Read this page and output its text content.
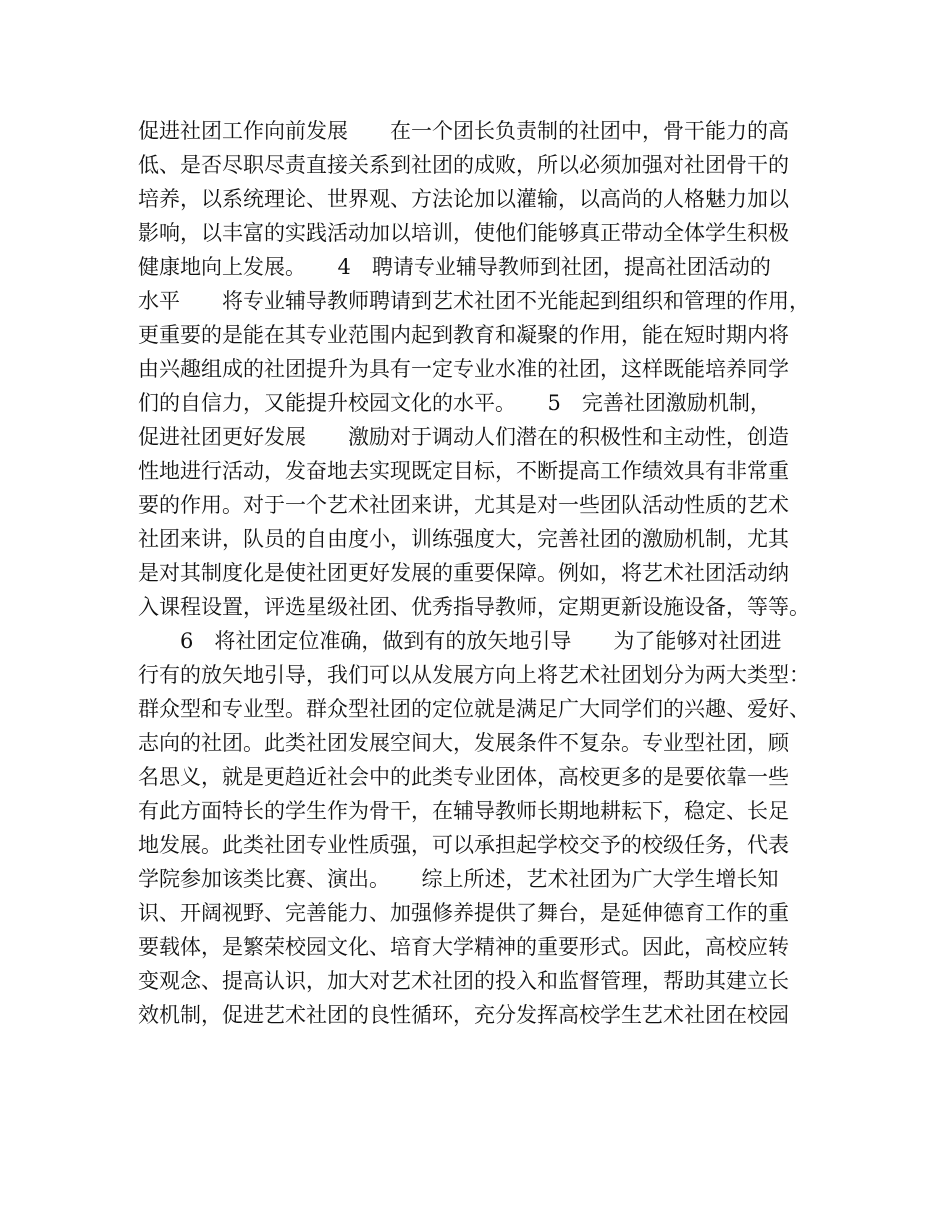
促进社团工作向前发展　　在一个团长负责制的社团中，骨干能力的高
低、是否尽职尽责直接关系到社团的成败，所以必须加强对社团骨干的
培养，以系统理论、世界观、方法论加以灌输，以高尚的人格魅力加以
影响，以丰富的实践活动加以培训，使他们能够真正带动全体学生积极
健康地向上发展。　　4　聘请专业辅导教师到社团，提高社团活动的
水平　　将专业辅导教师聘请到艺术社团不光能起到组织和管理的作用，
更重要的是能在其专业范围内起到教育和凝聚的作用，能在短时期内将
由兴趣组成的社团提升为具有一定专业水准的社团，这样既能培养同学
们的自信力，又能提升校园文化的水平。　　5　完善社团激励机制，
促进社团更好发展　　激励对于调动人们潜在的积极性和主动性，创造
性地进行活动，发奋地去实现既定目标，不断提高工作绩效具有非常重
要的作用。对于一个艺术社团来讲，尤其是对一些团队活动性质的艺术
社团来讲，队员的自由度小，训练强度大，完善社团的激励机制，尤其
是对其制度化是使社团更好发展的重要保障。例如，将艺术社团活动纳
入课程设置，评选星级社团、优秀指导教师，定期更新设施设备，等等。
　　6　将社团定位准确，做到有的放矢地引导　　为了能够对社团进
行有的放矢地引导，我们可以从发展方向上将艺术社团划分为两大类型：
群众型和专业型。群众型社团的定位就是满足广大同学们的兴趣、爱好、
志向的社团。此类社团发展空间大，发展条件不复杂。专业型社团，顾
名思义，就是更趋近社会中的此类专业团体，高校更多的是要依靠一些
有此方面特长的学生作为骨干，在辅导教师长期地耕耘下，稳定、长足
地发展。此类社团专业性质强，可以承担起学校交予的校级任务，代表
学院参加该类比赛、演出。　　综上所述，艺术社团为广大学生增长知
识、开阔视野、完善能力、加强修养提供了舞台，是延伸德育工作的重
要载体，是繁荣校园文化、培育大学精神的重要形式。因此，高校应转
变观念、提高认识，加大对艺术社团的投入和监督管理，帮助其建立长
效机制，促进艺术社团的良性循环，充分发挥高校学生艺术社团在校园
